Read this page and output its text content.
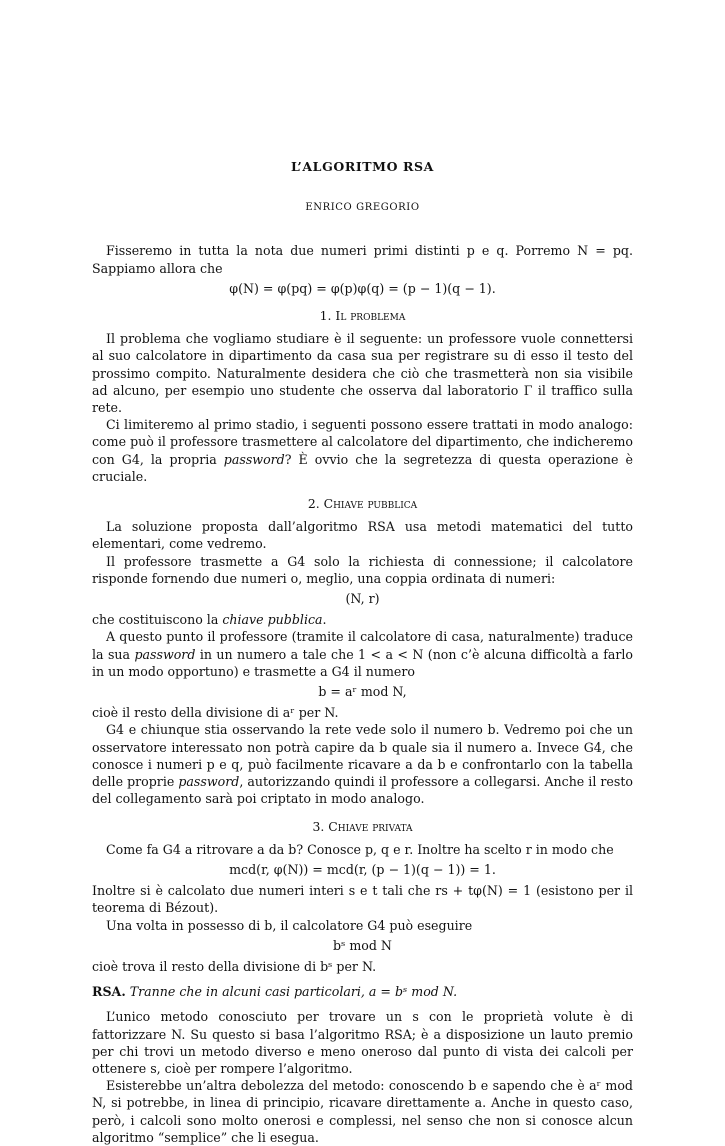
L’ALGORITMO RSA
ENRICO GREGORIO

Fisseremo in tutta la nota due numeri primi distinti p e q. Porremo N = pq. Sappiamo allora che

φ(N) = φ(pq) = φ(p)φ(q) = (p − 1)(q − 1).
1. Il problema

Il problema che vogliamo studiare è il seguente: un professore vuole connettersi al suo calcolatore in dipartimento da casa sua per registrare su di esso il testo del prossimo compito. Naturalmente desidera che ciò che trasmetterà non sia visibile ad alcuno, per esempio uno studente che osserva dal laboratorio Γ il traffico sulla rete.

Ci limiteremo al primo stadio, i seguenti possono essere trattati in modo analogo: come può il professore trasmettere al calcolatore del dipartimento, che indicheremo con G4, la propria password? È ovvio che la segretezza di questa operazione è cruciale.

2. Chiave pubblica

La soluzione proposta dall’algoritmo RSA usa metodi matematici del tutto elementari, come vedremo.

Il professore trasmette a G4 solo la richiesta di connessione; il calcolatore risponde fornendo due numeri o, meglio, una coppia ordinata di numeri:

(N, r)

che costituiscono la chiave pubblica.

A questo punto il professore (tramite il calcolatore di casa, naturalmente) traduce la sua password in un numero a tale che 1 < a < N (non c’è alcuna difficoltà a farlo in un modo opportuno) e trasmette a G4 il numero

b = aʳ mod N,

cioè il resto della divisione di aʳ per N.

G4 e chiunque stia osservando la rete vede solo il numero b. Vedremo poi che un osservatore interessato non potrà capire da b quale sia il numero a. Invece G4, che conosce i numeri p e q, può facilmente ricavare a da b e confrontarlo con la tabella delle proprie password, autorizzando quindi il professore a collegarsi. Anche il resto del collegamento sarà poi criptato in modo analogo.

3. Chiave privata

Come fa G4 a ritrovare a da b? Conosce p, q e r. Inoltre ha scelto r in modo che

mcd(r, φ(N)) = mcd(r, (p − 1)(q − 1)) = 1.

Inoltre si è calcolato due numeri interi s e t tali che rs + tφ(N) = 1 (esistono per il teorema di Bézout).

Una volta in possesso di b, il calcolatore G4 può eseguire

bˢ mod N

cioè trova il resto della divisione di bˢ per N.

RSA. Tranne che in alcuni casi particolari, a = bˢ mod N.

L’unico metodo conosciuto per trovare un s con le proprietà volute è di fattorizzare N. Su questo si basa l’algoritmo RSA; è a disposizione un lauto premio per chi trovi un metodo diverso e meno oneroso dal punto di vista dei calcoli per ottenere s, cioè per rompere l’algoritmo.

Esisterebbe un’altra debolezza del metodo: conoscendo b e sapendo che è aʳ mod N, si potrebbe, in linea di principio, ricavare direttamente a. Anche in questo caso, però, i calcoli sono molto onerosi e complessi, nel senso che non si conosce alcun algoritmo “semplice” che li esegua.
